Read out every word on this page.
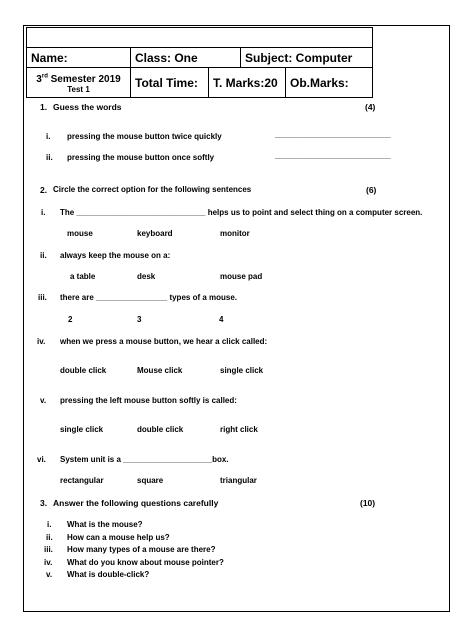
Name:	Class: One		Subject: Computer	
3rd Semester 2019
Test 1	Total Time:	T. Marks:20		Ob.Marks:
1. Guess the words	(4)
i. pressing the mouse button twice quickly	__________________________
ii. pressing the mouse button once softly	__________________________
2. Circle the correct option for the following sentences	(6)
i. The _____________________________ helps us to point and select thing on a computer screen.
mouse	keyboard	monitor
ii. always keep the mouse on a:
a table	desk	mouse pad
iii. there are ________________ types of a mouse.
2	3	4
iv. when we press a mouse button, we hear a click called:
double click	Mouse click	single click
v. pressing the left mouse button softly is called:
single click	double click	right click
vi. System unit is a ____________________box.
rectangular	square	triangular
3. Answer the following questions carefully	(10)
i. What is the mouse?
ii. How can a mouse help us?
iii. How many types of a mouse are there?
iv. What do you know about mouse pointer?
v. What is double-click?
